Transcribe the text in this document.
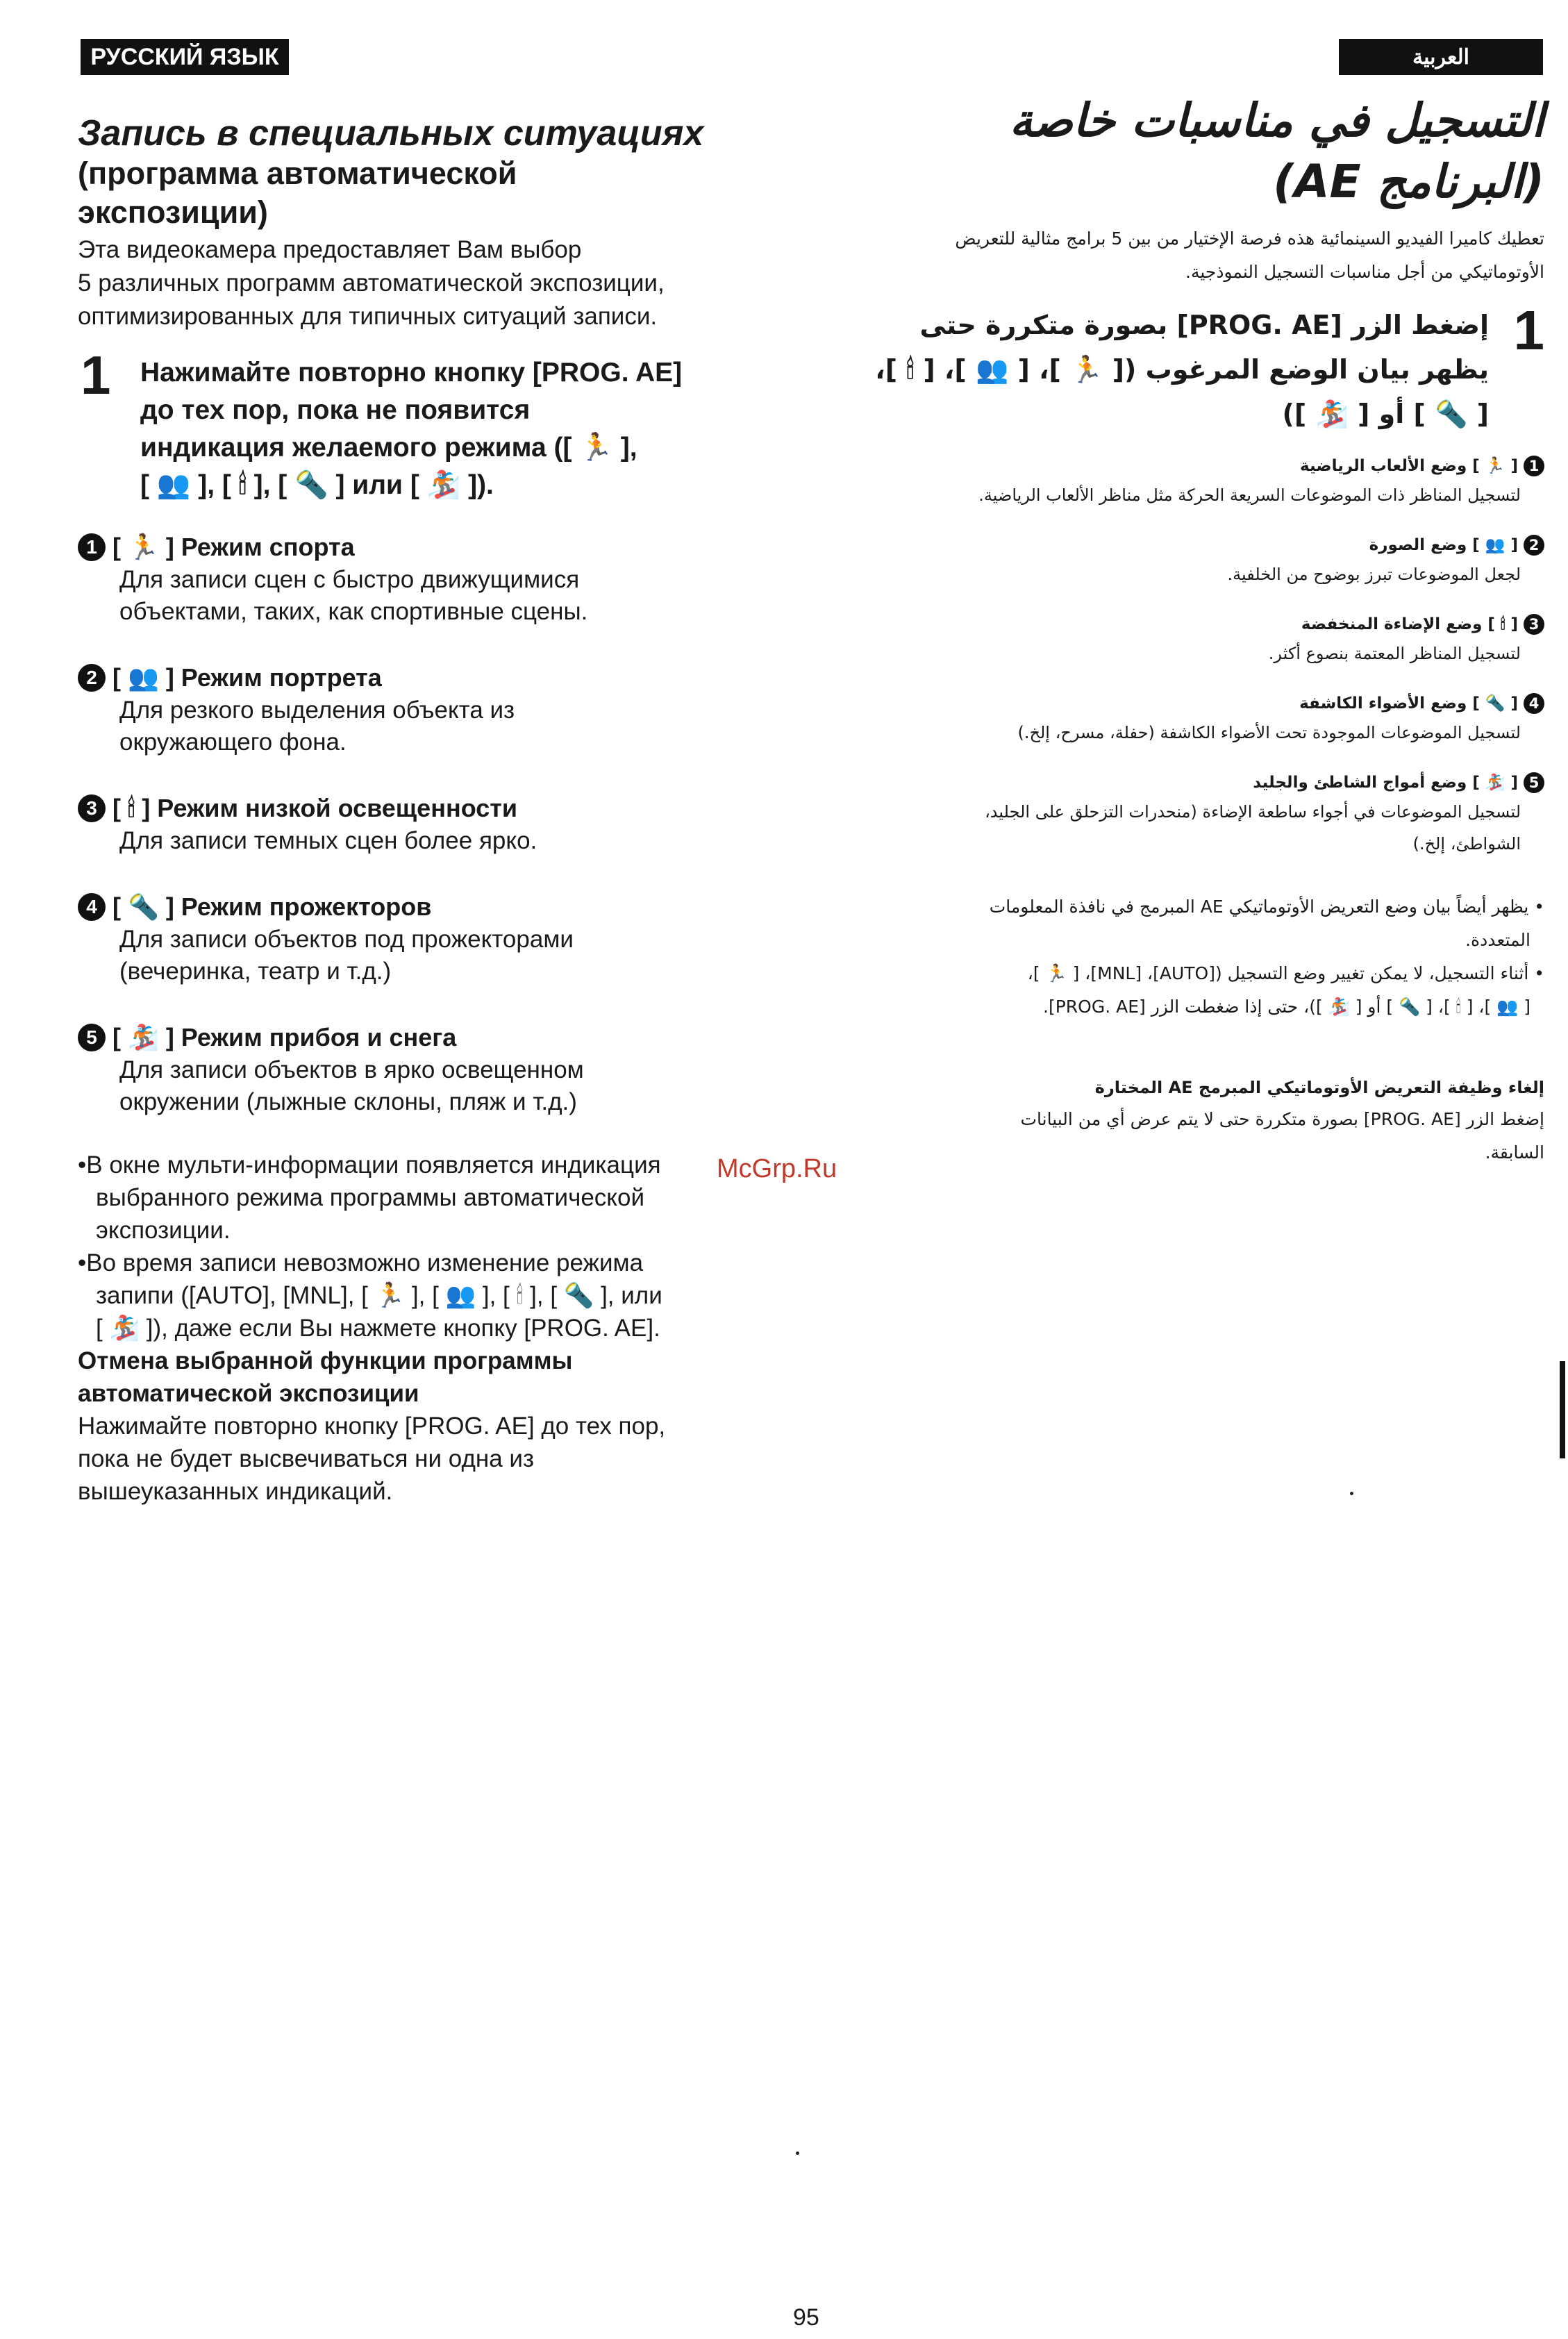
РУССКИЙ ЯЗЫК	العربية
Запись в специальных ситуациях
(программа автоматической
экспозиции)
Эта видеокамера предоставляет Вам выбор
5 различных программ автоматической экспозиции,
оптимизированных для типичных ситуаций записи.
1 Нажимайте повторно кнопку [PROG. AE]
до тех пор, пока не появится
индикация желаемого режима ([ 🏃 ],
[ 👥 ], [ 🕯 ], [ 🔦 ] или [ 🏂 ]).
1 [ 🏃 ] Режим спорта
Для записи сцен с быстро движущимися
объектами, таких, как спортивные сцены.
2 [ 👥 ] Режим портрета
Для резкого выделения объекта из
окружающего фона.
3 [ 🕯 ] Режим низкой освещенности
Для записи темных сцен более ярко.
4 [ 🔦 ] Режим прожекторов
Для записи объектов под прожекторами
(вечеринка, театр и т.д.)
5 [ 🏂 ] Режим прибоя и снега
Для записи объектов в ярко освещенном
окружении (лыжные склоны, пляж и т.д.)
•В окне мульти-информации появляется индикация
выбранного режима программы автоматической
экспозиции.
•Во время записи невозможно изменение режима
запипи ([AUTO], [MNL], [ 🏃 ], [ 👥 ], [ 🕯 ], [ 🔦 ], или
[ 🏂 ]), даже если Вы нажмете кнопку [PROG. AE].
Отмена выбранной функции программы
автоматической экспозиции
Нажимайте повторно кнопку [PROG. AE] до тех пор,
пока не будет высвечиваться ни одна из
вышеуказанных индикаций.
McGrp.Ru
التسجيل في مناسبات خاصة
(البرنامج AE)
تعطيك كاميرا الفيديو السينمائية هذه فرصة الإختيار من بين 5 برامج مثالية للتعريض
الأوتوماتيكي من أجل مناسبات التسجيل النموذجية.
1
إضغط الزر [PROG. AE] بصورة متكررة حتى
يظهر بيان الوضع المرغوب ([ 🏃 ]، [ 👥 ]، [ 🕯 ]،
[ 🔦 ] أو [ 🏂 ])
1
[ 🏃 ] وضع الألعاب الرياضية
لتسجيل المناظر ذات الموضوعات السريعة الحركة مثل مناظر الألعاب الرياضية.
2
[ 👥 ] وضع الصورة
لجعل الموضوعات تبرز بوضوح من الخلفية.
3
[ 🕯 ] وضع الإضاءة المنخفضة
لتسجيل المناظر المعتمة بنصوع أكثر.
4
[ 🔦 ] وضع الأضواء الكاشفة
لتسجيل الموضوعات الموجودة تحت الأضواء الكاشفة (حفلة، مسرح، إلخ.)
5
[ 🏂 ] وضع أمواج الشاطئ والجليد
لتسجيل الموضوعات في أجواء ساطعة الإضاءة (منحدرات التزحلق على الجليد،
الشواطئ، إلخ.)
• يظهر أيضاً بيان وضع التعريض الأوتوماتيكي AE المبرمج في نافذة المعلومات
المتعددة.
• أثناء التسجيل، لا يمكن تغيير وضع التسجيل ([AUTO]، [MNL]، [ 🏃 ]،
[ 👥 ]، [ 🕯 ]، [ 🔦 ] أو [ 🏂 ])، حتى إذا ضغطت الزر [PROG. AE].
إلغاء وظيفة التعريض الأوتوماتيكي المبرمج AE المختارة
إضغط الزر [PROG. AE] بصورة متكررة حتى لا يتم عرض أي من البيانات
السابقة.
95
